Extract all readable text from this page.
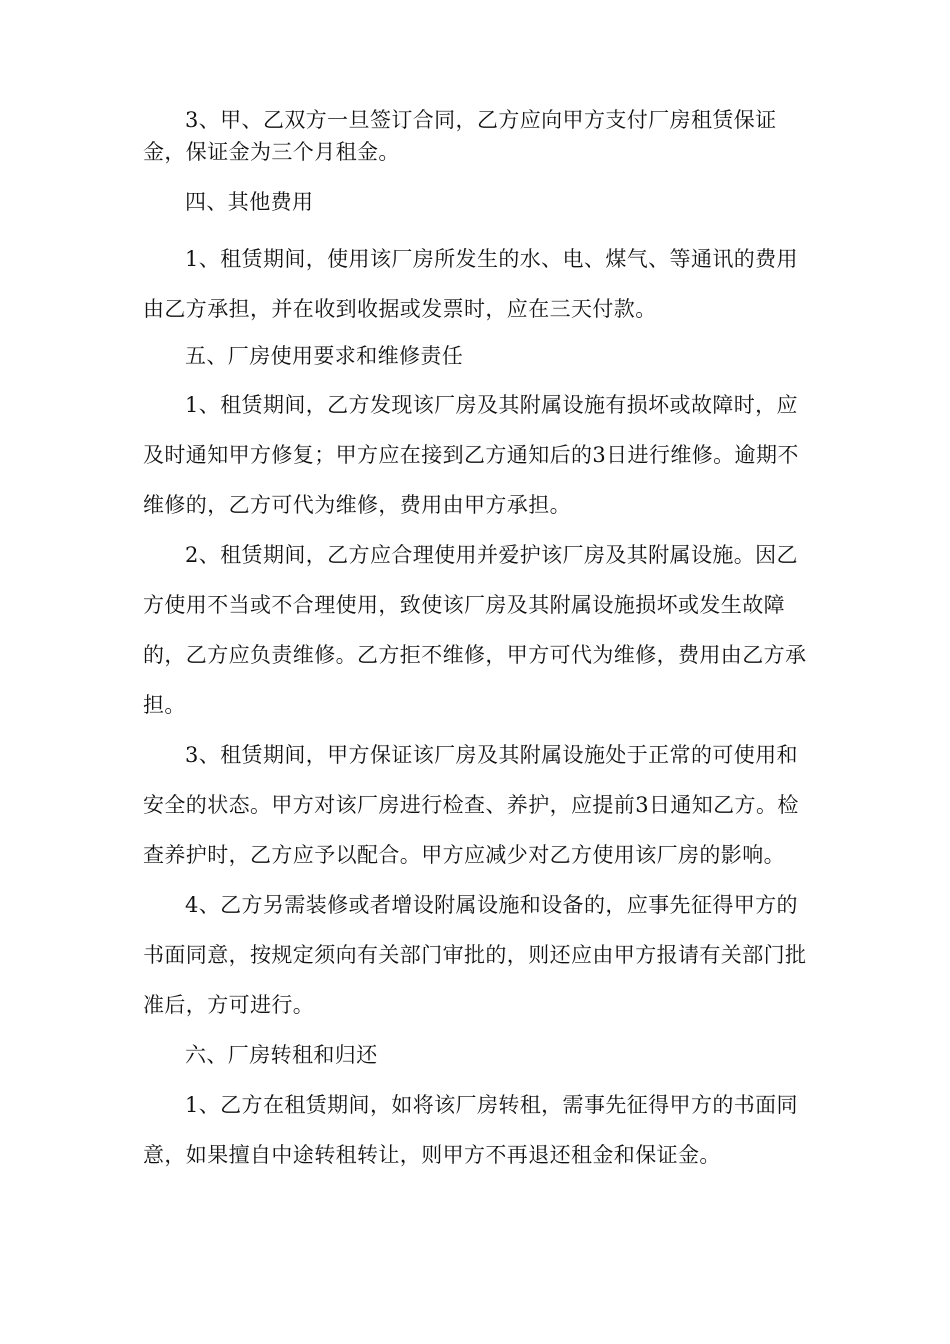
3、甲、乙双方一旦签订合同，乙方应向甲方支付厂房租赁保证金，保证金为三个月租金。

四、其他费用

1、租赁期间，使用该厂房所发生的水、电、煤气、等通讯的费用由乙方承担，并在收到收据或发票时，应在三天付款。

五、厂房使用要求和维修责任

1、租赁期间，乙方发现该厂房及其附属设施有损坏或故障时，应及时通知甲方修复；甲方应在接到乙方通知后的3日进行维修。逾期不维修的，乙方可代为维修，费用由甲方承担。

2、租赁期间，乙方应合理使用并爱护该厂房及其附属设施。因乙方使用不当或不合理使用，致使该厂房及其附属设施损坏或发生故障的，乙方应负责维修。乙方拒不维修，甲方可代为维修，费用由乙方承担。

3、租赁期间，甲方保证该厂房及其附属设施处于正常的可使用和安全的状态。甲方对该厂房进行检查、养护，应提前3日通知乙方。检查养护时，乙方应予以配合。甲方应减少对乙方使用该厂房的影响。

4、乙方另需装修或者增设附属设施和设备的，应事先征得甲方的书面同意，按规定须向有关部门审批的，则还应由甲方报请有关部门批准后，方可进行。

六、厂房转租和归还

1、乙方在租赁期间，如将该厂房转租，需事先征得甲方的书面同意，如果擅自中途转租转让，则甲方不再退还租金和保证金。
